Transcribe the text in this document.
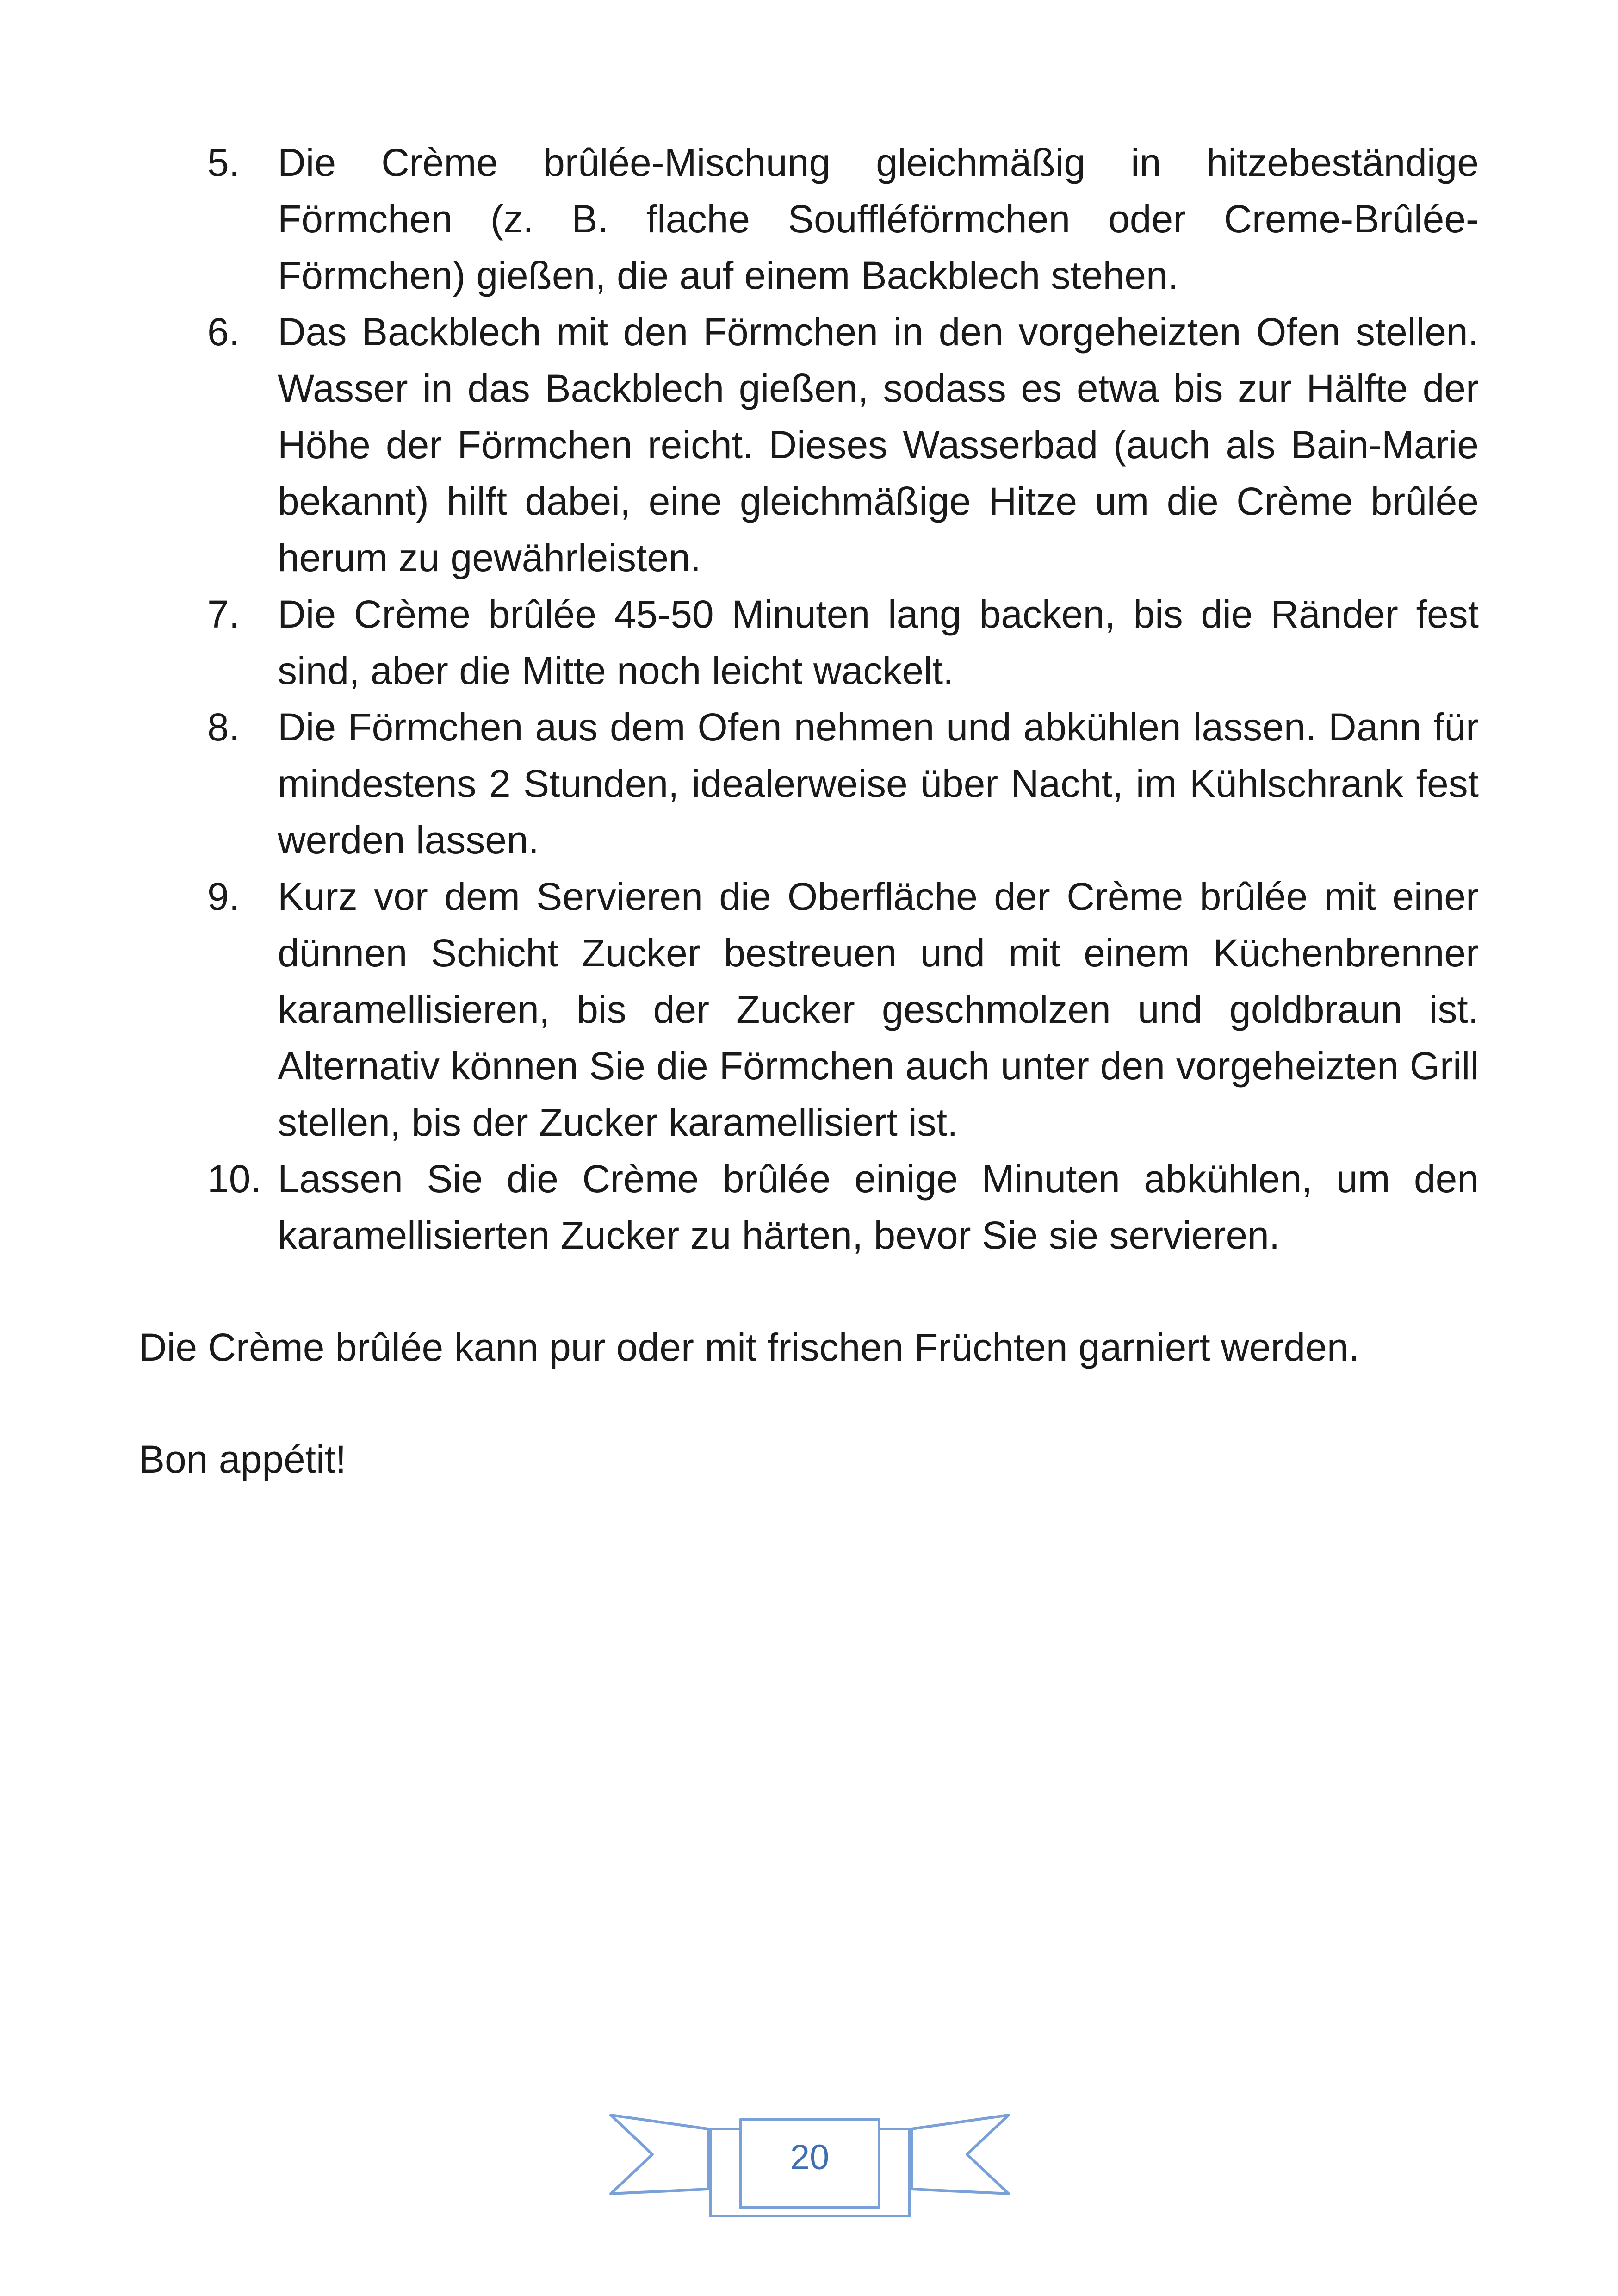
5. Die Crème brûlée-Mischung gleichmäßig in hitzebeständige Förmchen (z. B. flache Souffléförmchen oder Creme-Brûlée-Förmchen) gießen, die auf einem Backblech stehen.
6. Das Backblech mit den Förmchen in den vorgeheizten Ofen stellen. Wasser in das Backblech gießen, sodass es etwa bis zur Hälfte der Höhe der Förmchen reicht. Dieses Wasserbad (auch als Bain-Marie bekannt) hilft dabei, eine gleichmäßige Hitze um die Crème brûlée herum zu gewährleisten.
7. Die Crème brûlée 45-50 Minuten lang backen, bis die Ränder fest sind, aber die Mitte noch leicht wackelt.
8. Die Förmchen aus dem Ofen nehmen und abkühlen lassen. Dann für mindestens 2 Stunden, idealerweise über Nacht, im Kühlschrank fest werden lassen.
9. Kurz vor dem Servieren die Oberfläche der Crème brûlée mit einer dünnen Schicht Zucker bestreuen und mit einem Küchenbrenner karamellisieren, bis der Zucker geschmolzen und goldbraun ist. Alternativ können Sie die Förmchen auch unter den vorgeheizten Grill stellen, bis der Zucker karamellisiert ist.
10. Lassen Sie die Crème brûlée einige Minuten abkühlen, um den karamellisierten Zucker zu härten, bevor Sie sie servieren.

Die Crème brûlée kann pur oder mit frischen Früchten garniert werden.

Bon appétit!

20
